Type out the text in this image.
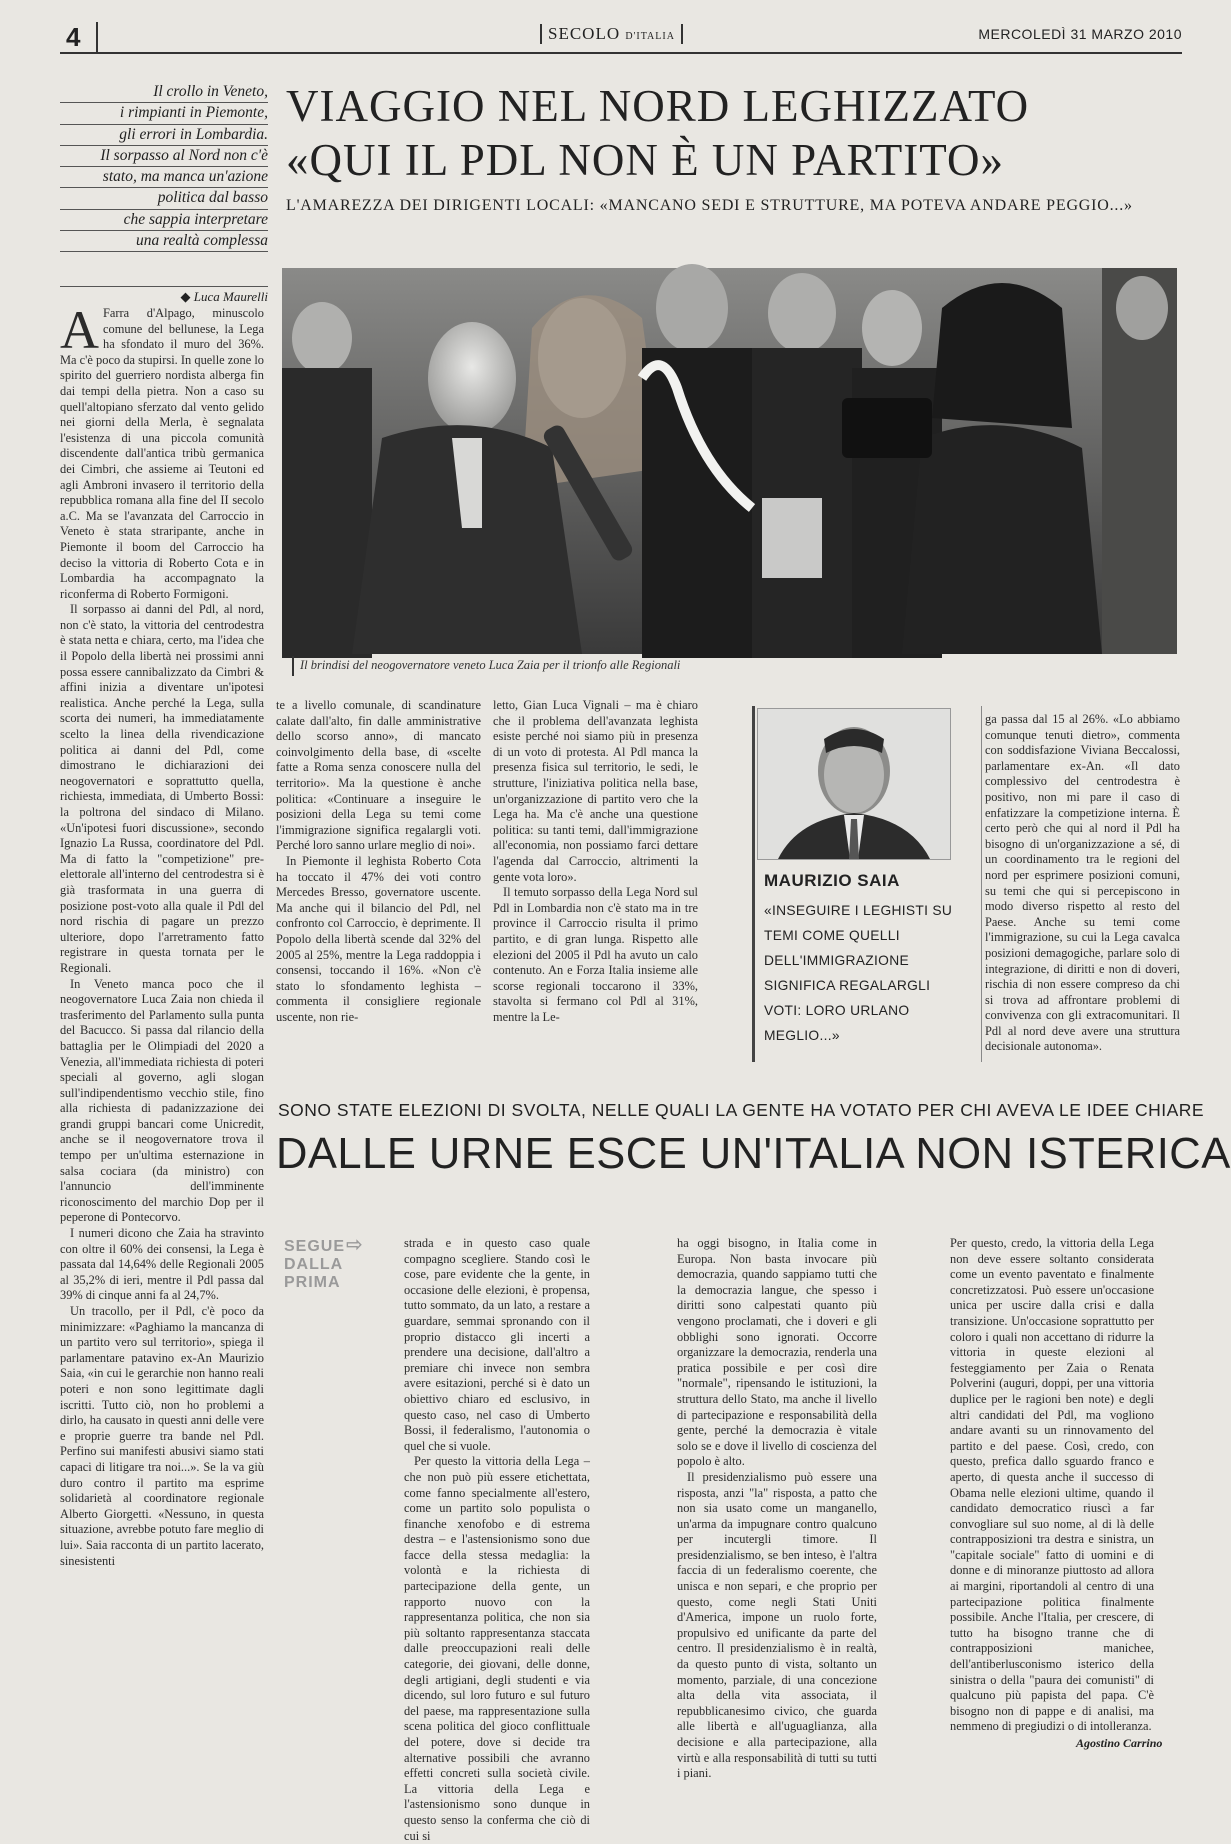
4	SECOLO D'ITALIA	MERCOLEDÌ 31 MARZO 2010
Il crollo in Veneto,
i rimpianti in Piemonte,
gli errori in Lombardia.
Il sorpasso al Nord non c'è
stato, ma manca un'azione
politica dal basso
che sappia interpretare
una realtà complessa
◆ Luca Maurelli
VIAGGIO NEL NORD LEGHIZZATO
«QUI IL PDL NON È UN PARTITO»
L'AMAREZZA DEI DIRIGENTI LOCALI: «MANCANO SEDI E STRUTTURE, MA POTEVA ANDARE PEGGIO...»
Il brindisi del neogovernatore veneto Luca Zaia per il trionfo alle Regionali
A Farra d'Alpago, minuscolo comune del bellunese, la Lega ha sfondato il muro del 36%. Ma c'è poco da stupirsi. In quelle zone lo spirito del guerriero nordista alberga fin dai tempi della pietra. Non a caso su quell'altopiano sferzato dal vento gelido nei giorni della Merla, è segnalata l'esistenza di una piccola comunità discendente dall'antica tribù germanica dei Cimbri, che assieme ai Teutoni ed agli Ambroni invasero il territorio della repubblica romana alla fine del II secolo a.C. Ma se l'avanzata del Carroccio in Veneto è stata straripante, anche in Piemonte il boom del Carroccio ha deciso la vittoria di Roberto Cota e in Lombardia ha accompagnato la riconferma di Roberto Formigoni.

Il sorpasso ai danni del Pdl, al nord, non c'è stato, la vittoria del centrodestra è stata netta e chiara, certo, ma l'idea che il Popolo della libertà nei prossimi anni possa essere cannibalizzato da Cimbri & affini inizia a diventare un'ipotesi realistica. Anche perché la Lega, sulla scorta dei numeri, ha immediatamente scelto la linea della rivendicazione politica ai danni del Pdl, come dimostrano le dichiarazioni dei neogovernatori e soprattutto quella, richiesta, immediata, di Umberto Bossi: la poltrona del sindaco di Milano. «Un'ipotesi fuori discussione», secondo Ignazio La Russa, coordinatore del Pdl. Ma di fatto la "competizione" pre-elettorale all'interno del centrodestra si è già trasformata in una guerra di posizione post-voto alla quale il Pdl del nord rischia di pagare un prezzo ulteriore, dopo l'arretramento fatto registrare in questa tornata per le Regionali.

In Veneto manca poco che il neogovernatore Luca Zaia non chieda il trasferimento del Parlamento sulla punta del Bacucco. Si passa dal rilancio della battaglia per le Olimpiadi del 2020 a Venezia, all'immediata richiesta di poteri speciali al governo, agli slogan sull'indipendentismo vecchio stile, fino alla richiesta di padanizzazione dei grandi gruppi bancari come Unicredit, anche se il neogovernatore trova il tempo per un'ultima esternazione in salsa cociara (da ministro) con l'annuncio dell'imminente riconoscimento del marchio Dop per il peperone di Pontecorvo.

I numeri dicono che Zaia ha stravinto con oltre il 60% dei consensi, la Lega è passata dal 14,64% delle Regionali 2005 al 35,2% di ieri, mentre il Pdl passa dal 39% di cinque anni fa al 24,7%.

Un tracollo, per il Pdl, c'è poco da minimizzare: «Paghiamo la mancanza di un partito vero sul territorio», spiega il parlamentare patavino ex-An Maurizio Saia, «in cui le gerarchie non hanno reali poteri e non sono legittimate dagli iscritti. Tutto ciò, non ho problemi a dirlo, ha causato in questi anni delle vere e proprie guerre tra bande nel Pdl. Perfino sui manifesti abusivi siamo stati capaci di litigare tra noi...». Se la va giù duro contro il partito ma esprime solidarietà al coordinatore regionale Alberto Giorgetti. «Nessuno, in questa situazione, avrebbe potuto fare meglio di lui». Saia racconta di un partito lacerato, sinesistenti

te a livello comunale, di scandinature calate dall'alto, fin dalle amministrative dello scorso anno», di mancato coinvolgimento della base, di «scelte fatte a Roma senza conoscere nulla del territorio». Ma la questione è anche politica: «Continuare a inseguire le posizioni della Lega su temi come l'immigrazione significa regalargli voti. Perché loro sanno urlare meglio di noi».

In Piemonte il leghista Roberto Cota ha toccato il 47% dei voti contro Mercedes Bresso, governatore uscente. Ma anche qui il bilancio del Pdl, nel confronto col Carroccio, è deprimente. Il Popolo della libertà scende dal 32% del 2005 al 25%, mentre la Lega raddoppia i consensi, toccando il 16%. «Non c'è stato lo sfondamento leghista – commenta il consigliere regionale uscente, non rie-

letto, Gian Luca Vignali – ma è chiaro che il problema dell'avanzata leghista esiste perché noi siamo più in presenza di un voto di protesta. Al Pdl manca la presenza fisica sul territorio, le sedi, le strutture, l'iniziativa politica nella base, un'organizzazione di partito vero che la Lega ha. Ma c'è anche una questione politica: su tanti temi, dall'immigrazione all'economia, non possiamo farci dettare l'agenda dal Carroccio, altrimenti la gente vota loro».

Il temuto sorpasso della Lega Nord sul Pdl in Lombardia non c'è stato ma in tre province il Carroccio risulta il primo partito, e di gran lunga. Rispetto alle elezioni del 2005 il Pdl ha avuto un calo contenuto. An e Forza Italia insieme alle scorse regionali toccarono il 33%, stavolta si fermano col Pdl al 31%, mentre la Le-

MAURIZIO SAIA
«INSEGUIRE I LEGHISTI SU TEMI COME QUELLI DELL'IMMIGRAZIONE SIGNIFICA REGALARGLI VOTI: LORO URLANO MEGLIO...»

ga passa dal 15 al 26%. «Lo abbiamo comunque tenuti dietro», commenta con soddisfazione Viviana Beccalossi, parlamentare ex-An. «Il dato complessivo del centrodestra è positivo, non mi pare il caso di enfatizzare la competizione interna. È certo però che qui al nord il Pdl ha bisogno di un'organizzazione a sé, di un coordinamento tra le regioni del nord per esprimere posizioni comuni, su temi che qui si percepiscono in modo diverso rispetto al resto del Paese. Anche su temi come l'immigrazione, su cui la Lega cavalca posizioni demagogiche, parlare solo di integrazione, di diritti e non di doveri, rischia di non essere compreso da chi si trova ad affrontare problemi di convivenza con gli extracomunitari. Il Pdl al nord deve avere una struttura decisionale autonoma».

SONO STATE ELEZIONI DI SVOLTA, NELLE QUALI LA GENTE HA VOTATO PER CHI AVEVA LE IDEE CHIARE
DALLE URNE ESCE UN'ITALIA NON ISTERICA
SEGUE DALLA PRIMA
⇨	strada e in questo caso quale compagno scegliere. Stando così le cose, pare evidente che la gente, in occasione delle elezioni, è propensa, tutto sommato, da un lato, a restare a guardare, semmai spronando con il proprio distacco gli incerti a prendere una decisione, dall'altro a premiare chi invece non sembra avere esitazioni, perché si è dato un obiettivo chiaro ed esclusivo, in questo caso, nel caso di Umberto Bossi, il federalismo, l'autonomia o quel che si vuole.

Per questo la vittoria della Lega – che non può più essere etichettata, come fanno specialmente all'estero, come un partito solo populista o finanche xenofobo e di estrema destra – e l'astensionismo sono due facce della stessa medaglia: la volontà e la richiesta di partecipazione della gente, un rapporto nuovo con la rappresentanza politica, che non sia più soltanto rappresentanza staccata dalle preoccupazioni reali delle categorie, dei giovani, delle donne, degli artigiani, degli studenti e via dicendo, sul loro futuro e sul futuro del paese, ma rappresentazione sulla scena politica del gioco conflittuale del potere, dove si decide tra alternative possibili che avranno effetti concreti sulla società civile. La vittoria della Lega e l'astensionismo sono dunque in questo senso la conferma che ciò di cui si

ha oggi bisogno, in Italia come in Europa. Non basta invocare più democrazia, quando sappiamo tutti che la democrazia langue, che spesso i diritti sono calpestati quanto più vengono proclamati, che i doveri e gli obblighi sono ignorati. Occorre organizzare la democrazia, renderla una pratica possibile e per così dire "normale", ripensando le istituzioni, la struttura dello Stato, ma anche il livello di partecipazione e responsabilità della gente, perché la democrazia è vitale solo se e dove il livello di coscienza del popolo è alto.

Il presidenzialismo può essere una risposta, anzi "la" risposta, a patto che non sia usato come un manganello, un'arma da impugnare contro qualcuno per incutergli timore. Il presidenzialismo, se ben inteso, è l'altra faccia di un federalismo coerente, che unisca e non separi, e che proprio per questo, come negli Stati Uniti d'America, impone un ruolo forte, propulsivo ed unificante da parte del centro. Il presidenzialismo è in realtà, da questo punto di vista, soltanto un momento, parziale, di una concezione alta della vita associata, il repubblicanesimo civico, che guarda alle libertà e all'uguaglianza, alla decisione e alla partecipazione, alla virtù e alla responsabilità di tutti su tutti i piani.

Per questo, credo, la vittoria della Lega non deve essere soltanto considerata come un evento paventato e finalmente concretizzatosi. Può essere un'occasione unica per uscire dalla crisi e dalla transizione. Un'occasione soprattutto per coloro i quali non accettano di ridurre la vittoria in queste elezioni al festeggiamento per Zaia o Renata Polverini (auguri, doppi, per una vittoria duplice per le ragioni ben note) e degli altri candidati del Pdl, ma vogliono andare avanti su un rinnovamento del partito e del paese. Così, credo, con questo, prefica dallo sguardo franco e aperto, di questa anche il successo di Obama nelle elezioni ultime, quando il candidato democratico riuscì a far convogliare sul suo nome, al di là delle contrapposizioni tra destra e sinistra, un "capitale sociale" fatto di uomini e di donne e di minoranze piuttosto ad allora ai margini, riportandoli al centro di una partecipazione politica finalmente possibile. Anche l'Italia, per crescere, di tutto ha bisogno tranne che di contrapposizioni manichee, dell'antiberlusconismo isterico della sinistra o della "paura dei comunisti" di qualcuno più papista del papa. C'è bisogno non di pappe e di analisi, ma nemmeno di pregiudizi o di intolleranza.

Agostino Carrino
